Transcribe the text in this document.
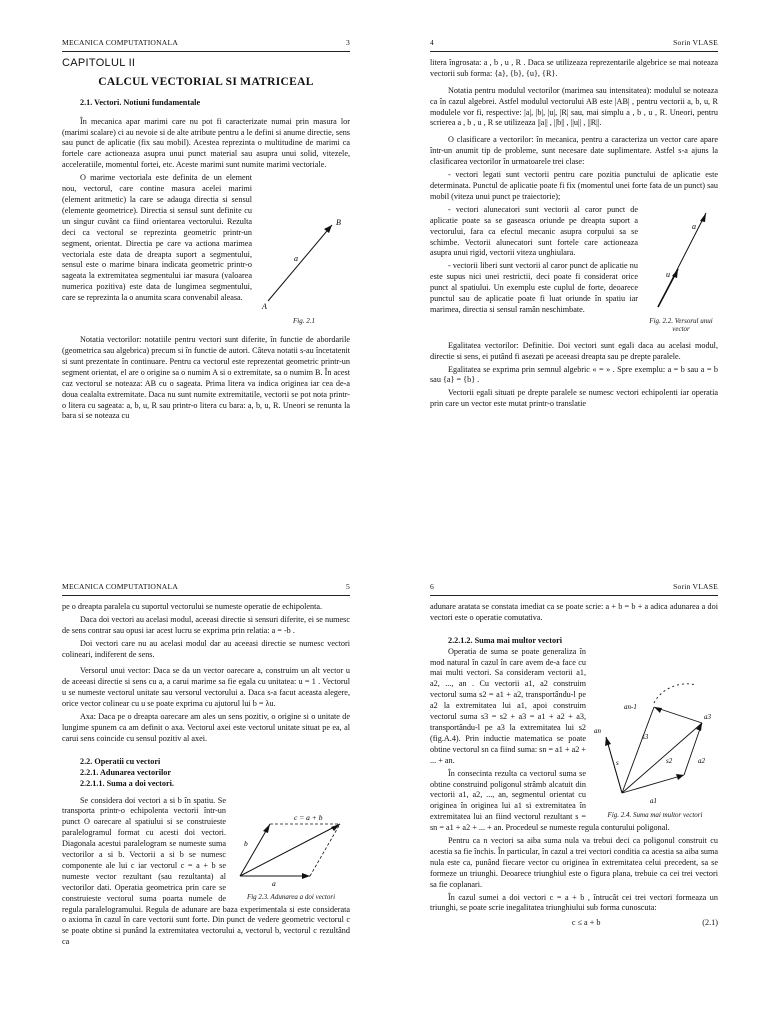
MECANICA COMPUTATIONALA	3
CAPITOLUL II
CALCUL VECTORIAL SI MATRICEAL

2.1. Vectori. Notiuni fundamentale

În mecanica apar marimi care nu pot fi caracterizate numai prin masura lor (marimi scalare) ci au nevoie si de alte atribute pentru a le defini si anume directie, sens sau punct de aplicatie (fix sau mobil). Acestea reprezinta o multitudine de marimi ca fortele care actioneaza asupra unui punct material sau asupra unui solid, vitezele, acceleratiile, momentul fortei, etc. Aceste marimi sunt numite marimi vectoriale.

B
A
a
Fig. 2.1

O marime vectoriala este definita de un element nou, vectorul, care contine masura acelei marimi (element aritmetic) la care se adauga directia si sensul (elemente geometrice). Directia si sensul sunt definite cu un singur cuvânt ca fiind orientarea vectorului. Rezulta deci ca vectorul se reprezinta geometric printr-un segment, orientat. Directia pe care va actiona marimea vectoriala este data de dreapta suport a segmentului, sensul este o marime binara indicata geometric printr-o sageata la extremitatea segmentului iar masura (valoarea numerica pozitiva) este data de lungimea segmentului, care se reprezinta la o anumita scara convenabil aleasa.

Notatia vectorilor: notatiile pentru vectori sunt diferite, în functie de abordarile (geometrica sau algebrica) precum si în functie de autori. Câteva notatii s-au încetatenit si sunt prezentate în continuare. Pentru ca vectorul este reprezentat geometric printr-un segment orientat, el are o origine sa o numim A si o extremitate, sa o numim B. În acest caz vectorul se noteaza: AB cu o sageata. Prima litera va indica originea iar cea de-a doua cealalta extremitate. Daca nu sunt numite extremitatile, vectorii se pot nota printr-o litera cu sageata: a, b, u, R sau printr-o litera cu bara: a, b, u, R. Uneori se renunta la bara si se noteaza cu

4	Sorin VLASE

litera îngrosata: a , b , u , R . Daca se utilizeaza reprezentarile algebrice se mai noteaza vectorii sub forma: {a}, {b}, {u}, {R}.

Notatia pentru modulul vectorilor (marimea sau intensitatea): modulul se noteaza ca în cazul algebrei. Astfel modulul vectorului AB este |AB| , pentru vectorii a, b, u, R modulele vor fi, respective: |a|, |b|, |u|, |R| sau, mai simplu a , b , u , R. Uneori, pentru scrierea a , b , u , R se utilizeaza ||a|| , ||b|| , ||u|| , ||R||.

O clasificare a vectorilor: în mecanica, pentru a caracteriza un vector care apare într-un anumit tip de probleme, sunt necesare date suplimentare. Astfel s-a ajuns la clasificarea vectorilor în urmatoarele trei clase:

- vectori legati sunt vectorii pentru care pozitia punctului de aplicatie este determinata. Punctul de aplicatie poate fi fix (momentul unei forte fata de un punct) sau mobil (viteza unui punct pe traiectorie);

a
u
Fig. 2.2. Versorul unui vector

- vectori alunecatori sunt vectorii al caror punct de aplicatie poate sa se gaseasca oriunde pe dreapta suport a vectorului, fara ca efectul mecanic asupra corpului sa se schimbe. Vectorii alunecatori sunt fortele care actioneaza asupra unui rigid, vectorii viteza unghiulara.

- vectorii liberi sunt vectorii al caror punct de aplicatie nu este supus nici unei restrictii, deci poate fi considerat orice punct al spatiului. Un exemplu este cuplul de forte, deoarece punctul sau de aplicatie poate fi luat oriunde în spatiu iar marimea, directia si sensul ramân neschimbate.

Egalitatea vectorilor: Definitie. Doi vectori sunt egali daca au acelasi modul, directie si sens, ei putând fi asezati pe aceeasi dreapta sau pe drepte paralele.

Egalitatea se exprima prin semnul algebric « = » . Spre exemplu: a = b sau a = b sau {a} = {b} .

Vectorii egali situati pe drepte paralele se numesc vectori echipolenti iar operatia prin care un vector este mutat printr-o translatie

MECANICA COMPUTATIONALA	5

pe o dreapta paralela cu suportul vectorului se numeste operatie de echipolenta.

Daca doi vectori au acelasi modul, aceeasi directie si sensuri diferite, ei se numesc de sens contrar sau opusi iar acest lucru se exprima prin relatia: a = -b .

Doi vectori care nu au acelasi modul dar au aceeasi directie se numesc vectori colineari, indiferent de sens.

Versorul unui vector: Daca se da un vector oarecare a, construim un alt vector u de aceeasi directie si sens cu a, a carui marime sa fie egala cu unitatea: u = 1 . Vectorul u se numeste vectorul unitate sau versorul vectorului a. Daca s-a facut aceasta alegere, orice vector colinear cu u se poate exprima cu ajutorul lui b = λu.

Axa: Daca pe o dreapta oarecare am ales un sens pozitiv, o origine si o unitate de lungime spunem ca am definit o axa. Vectorul axei este vectorul unitate situat pe ea, al carui sens coincide cu sensul pozitiv al axei.

2.2. Operatii cu vectori

2.2.1. Adunarea vectorilor

2.2.1.1. Suma a doi vectori.

c = a + b
b
a
Fig 2.3. Adunarea a doi vectori

Se considera doi vectori a si b în spatiu. Se transporta printr-o echipolenta vectorii într-un punct O oarecare al spatiului si se construieste paralelogramul format cu acesti doi vectori. Diagonala acestui paralelogram se numeste suma vectorilor a si b. Vectorii a si b se numesc componente ale lui c iar vectorul c = a + b se numeste vector rezultant (sau rezultanta) al vectorilor dati. Operatia geometrica prin care se construieste vectorul suma poarta numele de regula paralelogramului. Regula de adunare are baza experimentala si este considerata o axioma în cazul în care vectorii sunt forte. Din punct de vedere geometric vectorul c se poate obtine si punând la extremitatea vectorului a, vectorul b, vectorul c rezultând ca

6	Sorin VLASE

adunare aratata se constata imediat ca se poate scrie: a + b = b + a adica adunarea a doi vectori este o operatie comutativa.

2.2.1.2. Suma mai multor vectori

a1
a2
a3
an
an-1
s2
s3
s
Fig. 2.4. Suma mai multor vectori

Operatia de suma se poate generaliza în mod natural în cazul în care avem de-a face cu mai multi vectori. Sa consideram vectorii a1, a2, ..., an . Cu vectorii a1, a2 construim vectorul suma s2 = a1 + a2, transportându-l pe a2 la extremitatea lui a1, apoi construim vectorul suma s3 = s2 + a3 = a1 + a2 + a3, transportându-l pe a3 la extremitatea lui s2 (fig.A.4). Prin inductie matematica se poate obtine vectorul sn ca fiind suma: sn = a1 + a2 + ... + an.

În consecinta rezulta ca vectorul suma se obtine construind poligonul strâmb alcatuit din vectorii a1, a2, ..., an, segmentul orientat cu originea în originea lui a1 si extremitatea în extremitatea lui an fiind vectorul rezultant s = sn = a1 + a2 + ... + an. Procedeul se numeste regula conturului poligonal.

Pentru ca n vectori sa aiba suma nula va trebui deci ca poligonul construit cu acestia sa fie închis. În particular, în cazul a trei vectori conditia ca acestia sa aiba suma nula este ca, punând fiecare vector cu originea în extremitatea celui precedent, sa se formeze un triunghi. Deoarece triunghiul este o figura plana, trebuie ca cei trei vectori sa fie coplanari.

În cazul sumei a doi vectori c = a + b , întrucât cei trei vectori formeaza un triunghi, se poate scrie inegalitatea triunghiului sub forma cunoscuta:

c ≤ a + b	(2.1)
